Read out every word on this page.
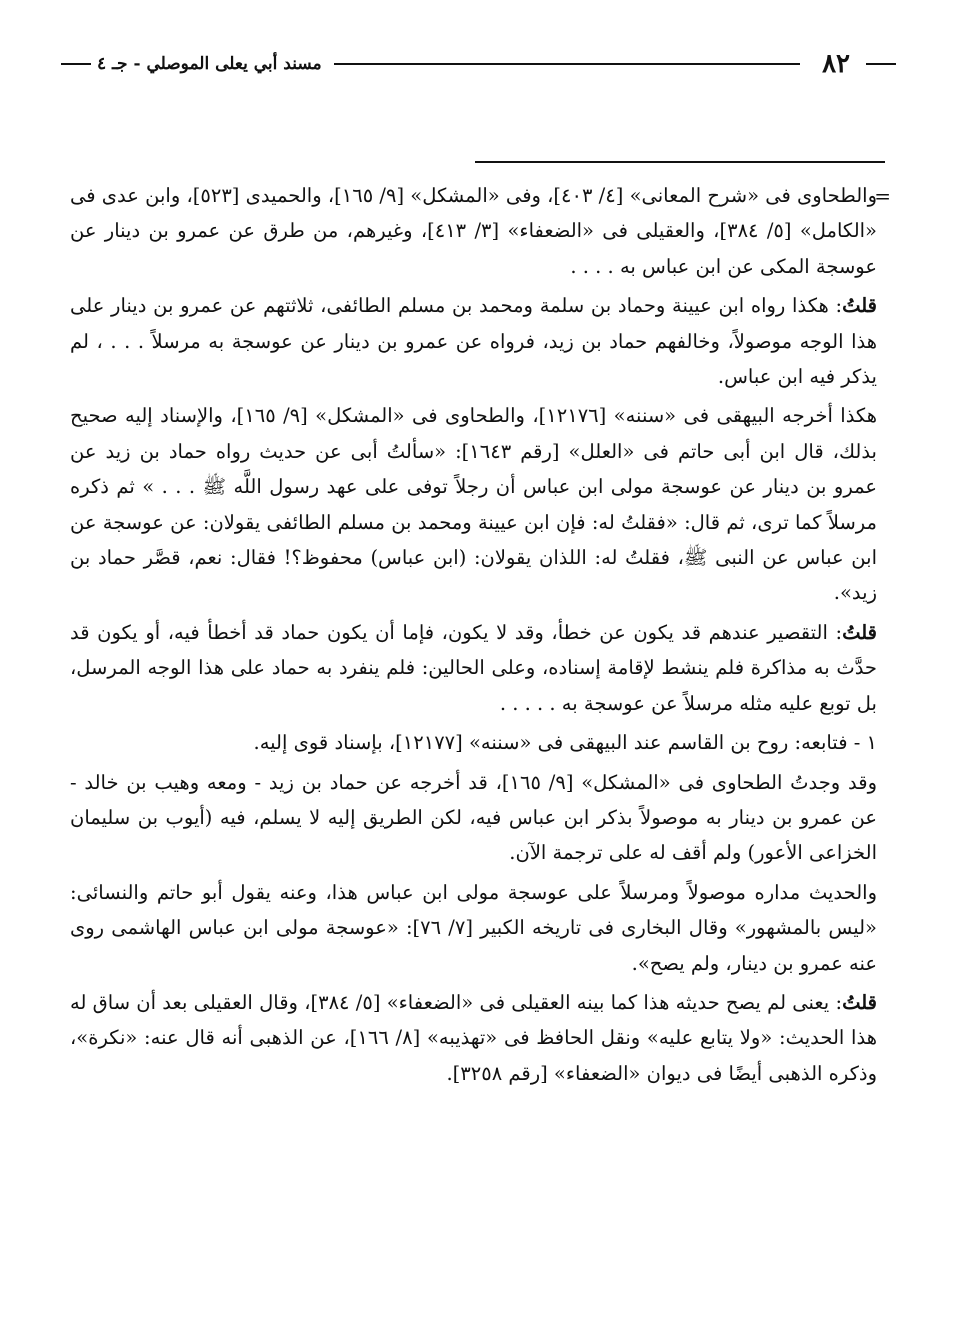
٨٢
مسند أبي يعلى الموصلي - جـ ٤
=

والطحاوى فى «شرح المعانى» [٤/ ٤٠٣]، وفى «المشكل» [٩/ ١٦٥]، والحميدى [٥٢٣]، وابن عدى فى «الكامل» [٥/ ٣٨٤]، والعقيلى فى «الضعفاء» [٣/ ٤١٣]، وغيرهم، من طرق عن عمرو بن دينار عن عوسجة المكى عن ابن عباس به . . . .

قلتُ: هكذا رواه ابن عيينة وحماد بن سلمة ومحمد بن مسلم الطائفى، ثلاثتهم عن عمرو بن دينار على هذا الوجه موصولاً، وخالفهم حماد بن زيد، فرواه عن عمرو بن دينار عن عوسجة به مرسلاً . . . ، لم يذكر فيه ابن عباس.

هكذا أخرجه البيهقى فى «سننه» [١٢١٧٦]، والطحاوى فى «المشكل» [٩/ ١٦٥]، والإسناد إليه صحيح بذلك، قال ابن أبى حاتم فى «العلل» [رقم ١٦٤٣]: «سألتُ أبى عن حديث رواه حماد بن زيد عن عمرو بن دينار عن عوسجة مولى ابن عباس أن رجلاً توفى على عهد رسول اللَّه ﷺ . . . » ثم ذكره مرسلاً كما ترى، ثم قال: «فقلتُ له: فإن ابن عيينة ومحمد بن مسلم الطائفى يقولان: عن عوسجة عن ابن عباس عن النبى ﷺ، فقلتُ له: اللذان يقولان: (ابن عباس) محفوظ؟! فقال: نعم، قصَّر حماد بن زيد».

قلتُ: التقصير عندهم قد يكون عن خطأ، وقد لا يكون، فإما أن يكون حماد قد أخطأ فيه، أو يكون قد حدَّث به مذاكرة فلم ينشط لإقامة إسناده، وعلى الحالين: فلم ينفرد به حماد على هذا الوجه المرسل، بل توبع عليه مثله مرسلاً عن عوسجة به . . . . .

١ - فتابعه: روح بن القاسم عند البيهقى فى «سننه» [١٢١٧٧]، بإسناد قوى إليه.

وقد وجدتُ الطحاوى فى «المشكل» [٩/ ١٦٥]، قد أخرجه عن حماد بن زيد - ومعه وهيب بن خالد - عن عمرو بن دينار به موصولاً بذكر ابن عباس فيه، لكن الطريق إليه لا يسلم، فيه (أيوب بن سليمان الخزاعى الأعور) ولم أقف له على ترجمة الآن.

والحديث مداره موصولاً ومرسلاً على عوسجة مولى ابن عباس هذا، وعنه يقول أبو حاتم والنسائى: «ليس بالمشهور» وقال البخارى فى تاريخه الكبير [٧/ ٧٦]: «عوسجة مولى ابن عباس الهاشمى روى عنه عمرو بن دينار، ولم يصح».

قلتُ: يعنى لم يصح حديثه هذا كما بينه العقيلى فى «الضعفاء» [٥/ ٣٨٤]، وقال العقيلى بعد أن ساق له هذا الحديث: «ولا يتابع عليه» ونقل الحافظ فى «تهذيبه» [٨/ ١٦٦]، عن الذهبى أنه قال عنه: «نكرة»، وذكره الذهبى أيضًا فى ديوان «الضعفاء» [رقم ٣٢٥٨].
